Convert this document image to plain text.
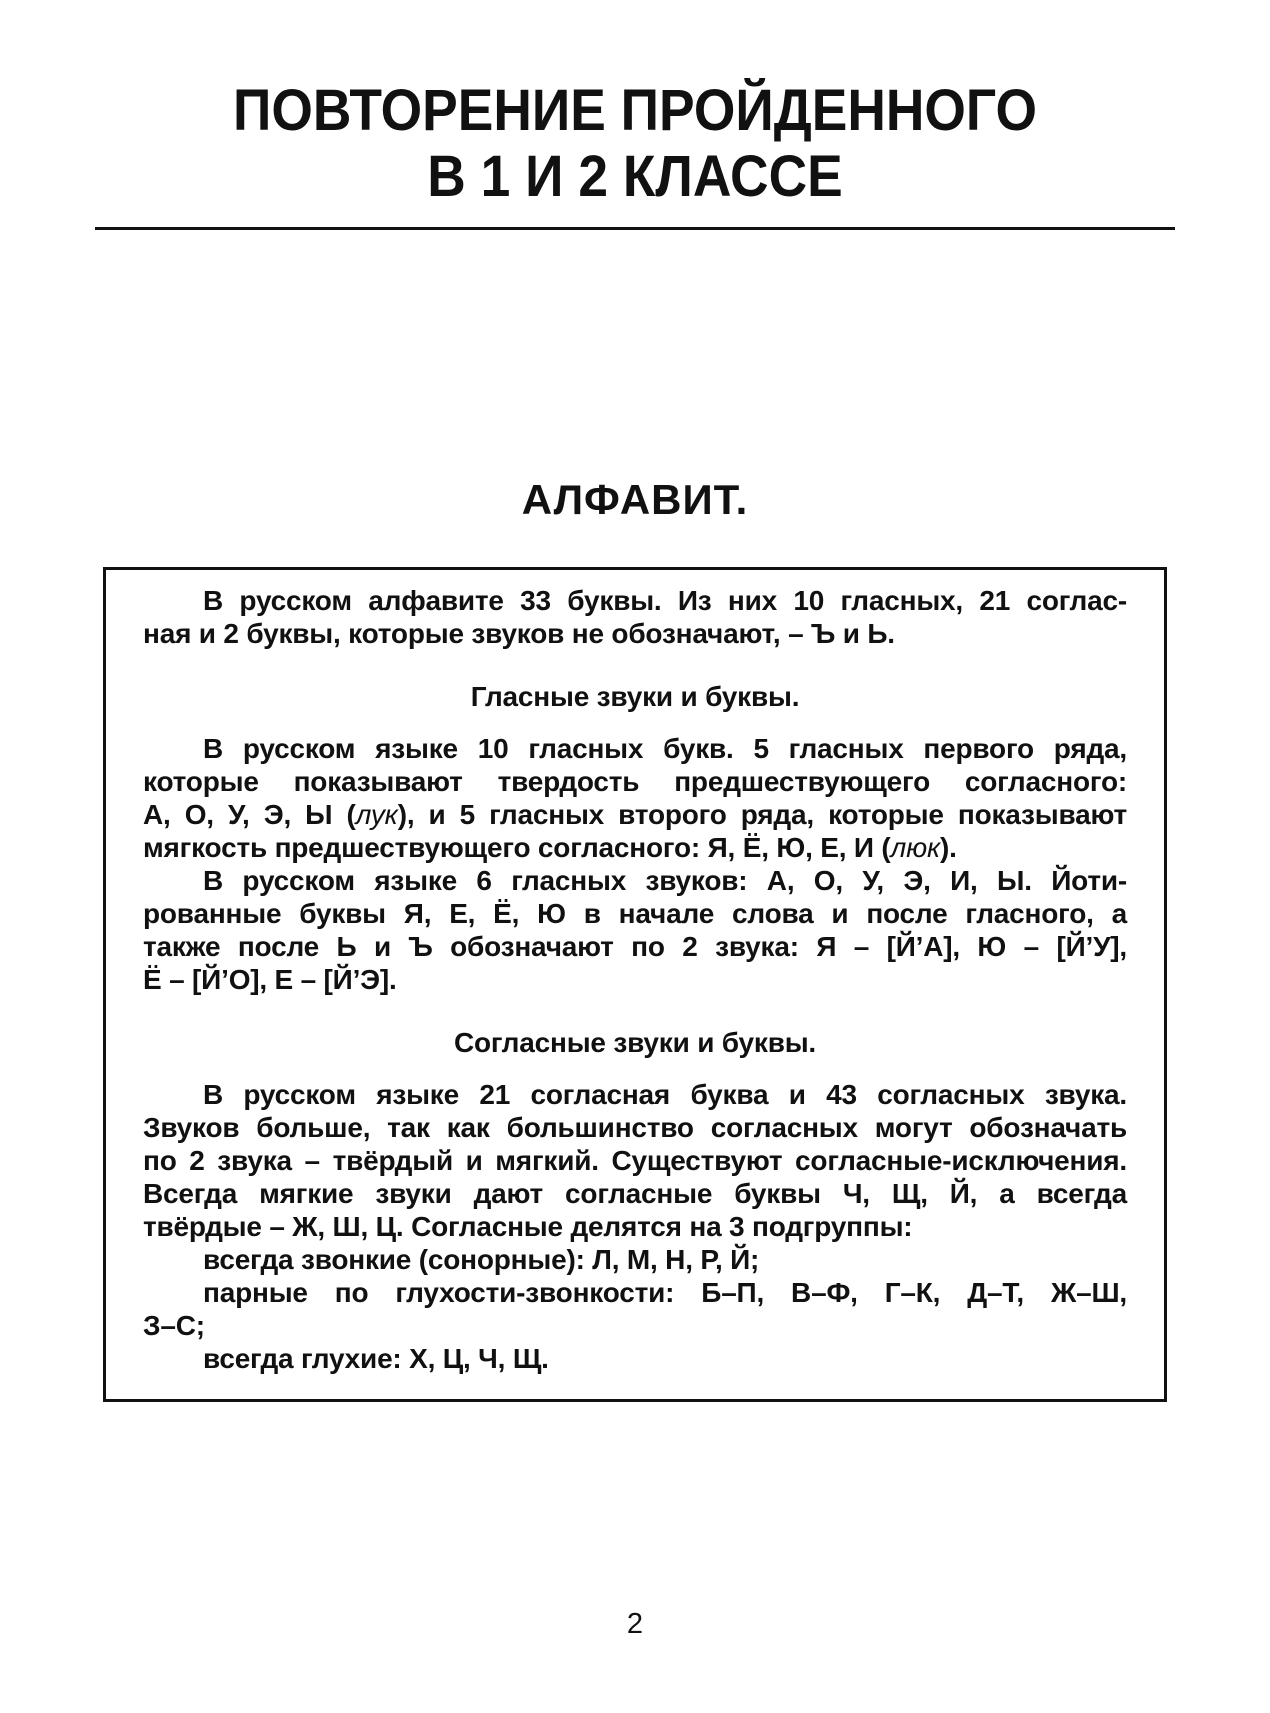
ПОВТОРЕНИЕ ПРОЙДЕННОГО
В 1 И 2 КЛАССЕ
АЛФАВИТ.
В русском алфавите 33 буквы. Из них 10 гласных, 21 соглас-
ная и 2 буквы, которые звуков не обозначают, – Ъ и Ь.
Гласные звуки и буквы.
В русском языке 10 гласных букв. 5 гласных первого ряда,
которые показывают твердость предшествующего согласного:
А, О, У, Э, Ы (лук), и 5 гласных второго ряда, которые показывают
мягкость предшествующего согласного: Я, Ё, Ю, Е, И (люк).
В русском языке 6 гласных звуков: А, О, У, Э, И, Ы. Йоти-
рованные буквы Я, Е, Ё, Ю в начале слова и после гласного, а
также после Ь и Ъ обозначают по 2 звука: Я – [Й’А], Ю – [Й’У],
Ё – [Й’О], Е – [Й’Э].
Согласные звуки и буквы.
В русском языке 21 согласная буква и 43 согласных звука.
Звуков больше, так как большинство согласных могут обозначать
по 2 звука – твёрдый и мягкий. Существуют согласные-исключения.
Всегда мягкие звуки дают согласные буквы Ч, Щ, Й, а всегда
твёрдые – Ж, Ш, Ц. Согласные делятся на 3 подгруппы:
всегда звонкие (сонорные): Л, М, Н, Р, Й;
парные по глухости-звонкости: Б–П, В–Ф, Г–К, Д–Т, Ж–Ш,
З–С;
всегда глухие: Х, Ц, Ч, Щ.
2
